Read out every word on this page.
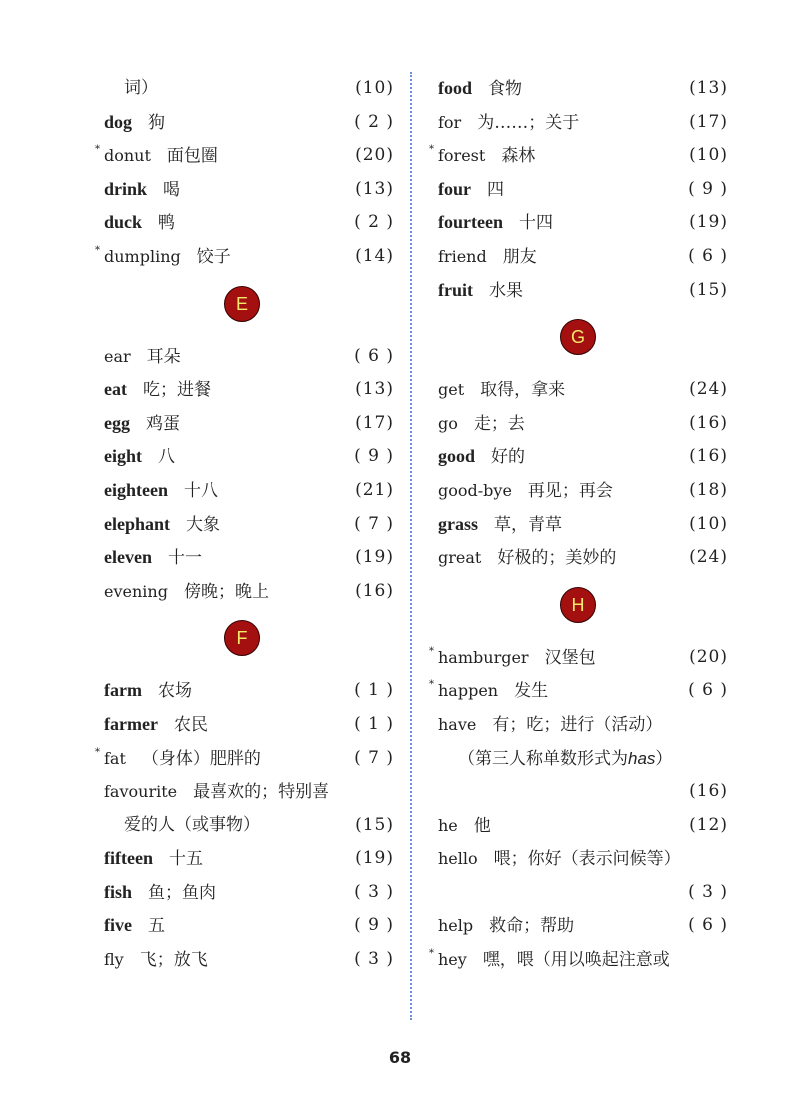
词）	(10)
dog 狗	( 2 )
* donut 面包圈	(20)
drink 喝	(13)
duck 鸭	( 2 )
* dumpling 饺子	(14)
E
ear 耳朵	( 6 )
eat 吃；进餐	(13)
egg 鸡蛋	(17)
eight 八	( 9 )
eighteen 十八	(21)
elephant 大象	( 7 )
eleven 十一	(19)
evening 傍晚；晚上	(16)
F
farm 农场	( 1 )
farmer 农民	( 1 )
* fat （身体）肥胖的	( 7 )
favourite 最喜欢的；特别喜
爱的人（或事物）	(15)
fifteen 十五	(19)
fish 鱼；鱼肉	( 3 )
five 五	( 9 )
fly 飞；放飞	( 3 )
food 食物	(13)
for 为……；关于	(17)
* forest 森林	(10)
four 四	( 9 )
fourteen 十四	(19)
friend 朋友	( 6 )
fruit 水果	(15)
G
get 取得，拿来	(24)
go 走；去	(16)
good 好的	(16)
good-bye 再见；再会	(18)
grass 草，青草	(10)
great 好极的；美妙的	(24)
H
* hamburger 汉堡包	(20)
* happen 发生	( 6 )
have 有；吃；进行（活动）
（第三人称单数形式为has）
(16)
he 他	(12)
hello 喂；你好（表示问候等）
( 3 )
help 救命；帮助	( 6 )
* hey 嘿，喂（用以唤起注意或
68
